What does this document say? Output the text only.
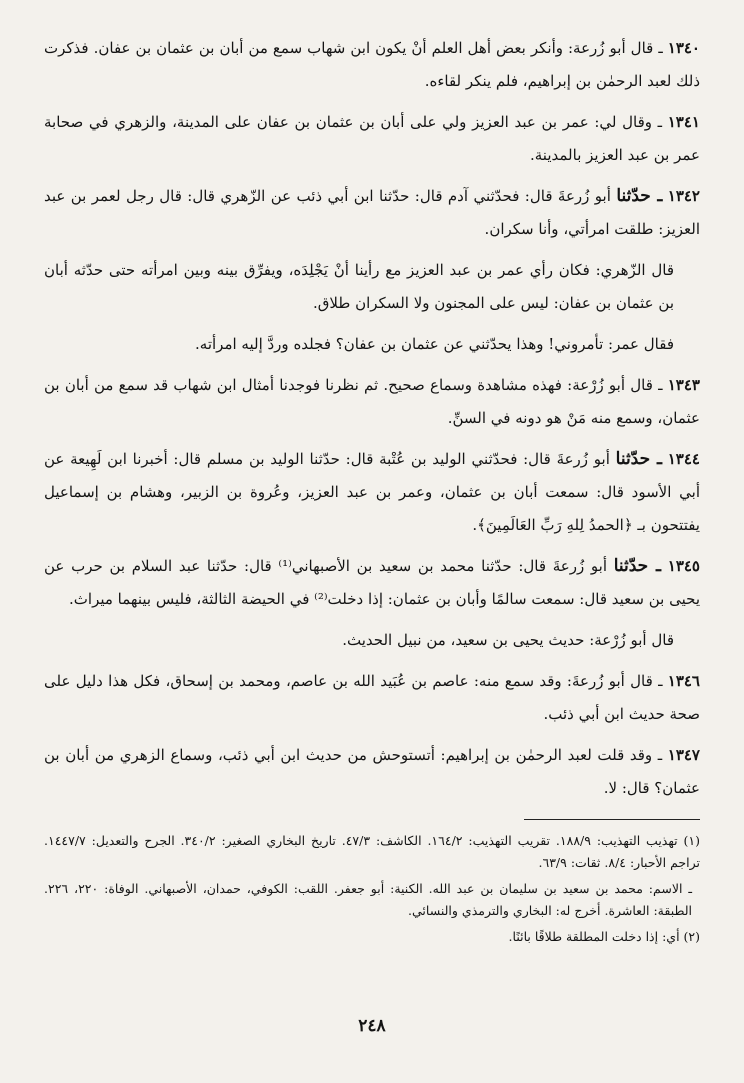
١٣٤٠ ـ قال أبو زُرعة: وأنكر بعض أهل العلم أنْ يكون ابن شهاب سمع من أبان بن عثمان بن عفان. فذكرت ذلك لعبد الرحمٰن بن إبراهيم، فلم ينكر لقاءه.

١٣٤١ ـ وقال لي: عمر بن عبد العزيز ولي على أبان بن عثمان بن عفان على المدينة، والزهري في صحابة عمر بن عبد العزيز بالمدينة.

١٣٤٢ ـ حدّثنا أبو زُرعةَ قال: فحدّثني آدم قال: حدّثنا ابن أبي ذئب عن الزّهري قال: قال رجل لعمر بن عبد العزيز: طلقت امرأتي، وأنا سكران.

قال الزّهري: فكان رأي عمر بن عبد العزيز مع رأينا أنْ يَجْلِدَه، ويفرِّق بينه وبين امرأته حتى حدّثه أبان بن عثمان بن عفان: ليس على المجنون ولا السكران طلاق.

فقال عمر: تأمروني! وهذا يحدّثني عن عثمان بن عفان؟ فجلده وردَّ إليه امرأته.

١٣٤٣ ـ قال أبو زُرْعة: فهذه مشاهدة وسماع صحيح. ثم نظرنا فوجدنا أمثال ابن شهاب قد سمع من أبان بن عثمان، وسمع منه مَنْ هو دونه في السنِّ.

١٣٤٤ ـ حدّثنا أبو زُرعةَ قال: فحدّثني الوليد بن عُتْبة قال: حدّثنا الوليد بن مسلم قال: أخبرنا ابن لَهِيعة عن أبي الأسود قال: سمعت أبان بن عثمان، وعمر بن عبد العزيز، وعُروة بن الزبير، وهشام بن إسماعيل يفتتحون بـ ﴿الحمدُ لِلهِ رَبِّ العَالَمِينَ﴾.

١٣٤٥ ـ حدّثنا أبو زُرعةَ قال: حدّثنا محمد بن سعيد بن الأصبهاني⁽¹⁾ قال: حدّثنا عبد السلام بن حرب عن يحيى بن سعيد قال: سمعت سالمًا وأبان بن عثمان: إذا دخلت⁽²⁾ في الحيضة الثالثة، فليس بينهما ميراث.

قال أبو زُرْعة: حديث يحيى بن سعيد، من نبيل الحديث.

١٣٤٦ ـ قال أبو زُرعةَ: وقد سمع منه: عاصم بن عُبَيد الله بن عاصم، ومحمد بن إسحاق، فكل هذا دليل على صحة حديث ابن أبي ذئب.

١٣٤٧ ـ وقد قلت لعبد الرحمٰن بن إبراهيم: أتستوحش من حديث ابن أبي ذئب، وسماع الزهري من أبان بن عثمان؟ قال: لا.

(١) تهذيب التهذيب: ١٨٨/٩. تقريب التهذيب: ١٦٤/٢. الكاشف: ٤٧/٣. تاريخ البخاري الصغير: ٣٤٠/٢. الجرح والتعديل: ١٤٤٧/٧. تراجم الأحبار: ٨/٤. ثقات: ٦٣/٩.

ـ الاسم: محمد بن سعيد بن سليمان بن عبد الله. الكنية: أبو جعفر. اللقب: الكوفي، حمدان، الأصبهاني. الوفاة: ٢٢٠، ٢٢٦. الطبقة: العاشرة. أخرج له: البخاري والترمذي والنسائي.

(٢) أي: إذا دخلت المطلقة طلاقًا بائنًا.

٢٤٨
